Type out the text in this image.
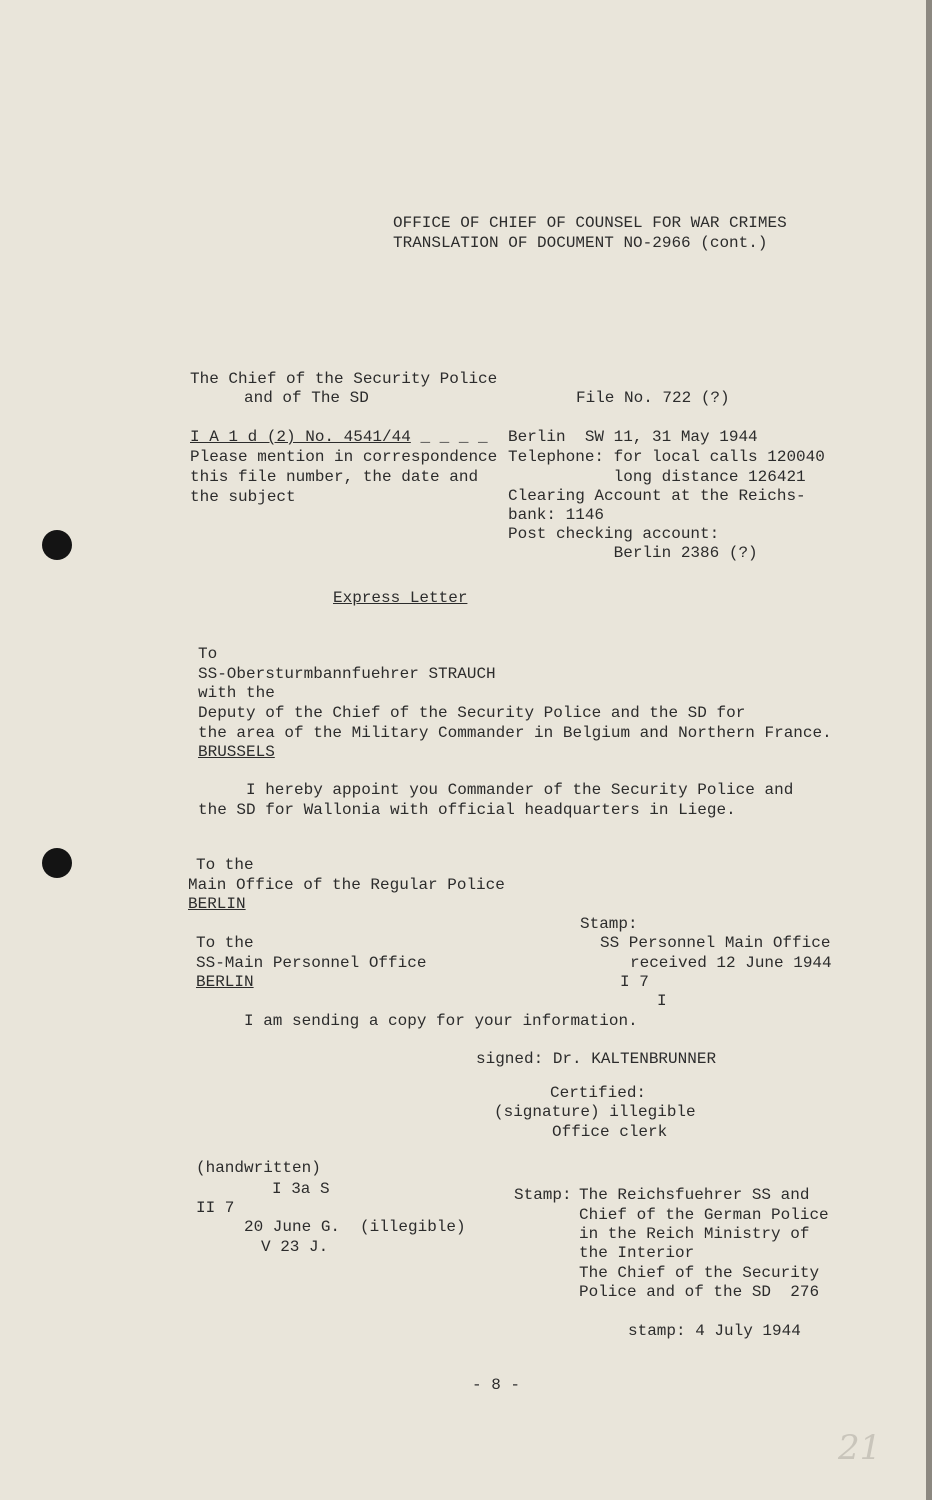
OFFICE OF CHIEF OF COUNSEL FOR WAR CRIMES
TRANSLATION OF DOCUMENT NO-2966 (cont.)
The Chief of the Security Police
and of The SD	File No. 722 (?)
I A 1 d (2) No. 4541/44 _ _ _ _
Please mention in correspondence
this file number, the date and
the subject
Berlin  SW 11, 31 May 1944
Telephone: for local calls 120040
long distance 126421
Clearing Account at the Reichs-
bank: 1146
Post checking account:
Berlin 2386 (?)
Express Letter
To
SS-Obersturmbannfuehrer STRAUCH
with the
Deputy of the Chief of the Security Police and the SD for
the area of the Military Commander in Belgium and Northern France.
BRUSSELS
I hereby appoint you Commander of the Security Police and
the SD for Wallonia with official headquarters in Liege.
To the
Main Office of the Regular Police
BERLIN
Stamp:
SS Personnel Main Office
received 12 June 1944
I 7
I
To the
SS-Main Personnel Office
BERLIN
I am sending a copy for your information.
signed: Dr. KALTENBRUNNER
Certified:
(signature) illegible
Office clerk
(handwritten)
I 3a S
II 7
20 June G. (illegible)
V 23 J.
Stamp: The Reichsfuehrer SS and
Chief of the German Police
in the Reich Ministry of
the Interior
The Chief of the Security
Police and of the SD  276
stamp: 4 July 1944
- 8 -
21
